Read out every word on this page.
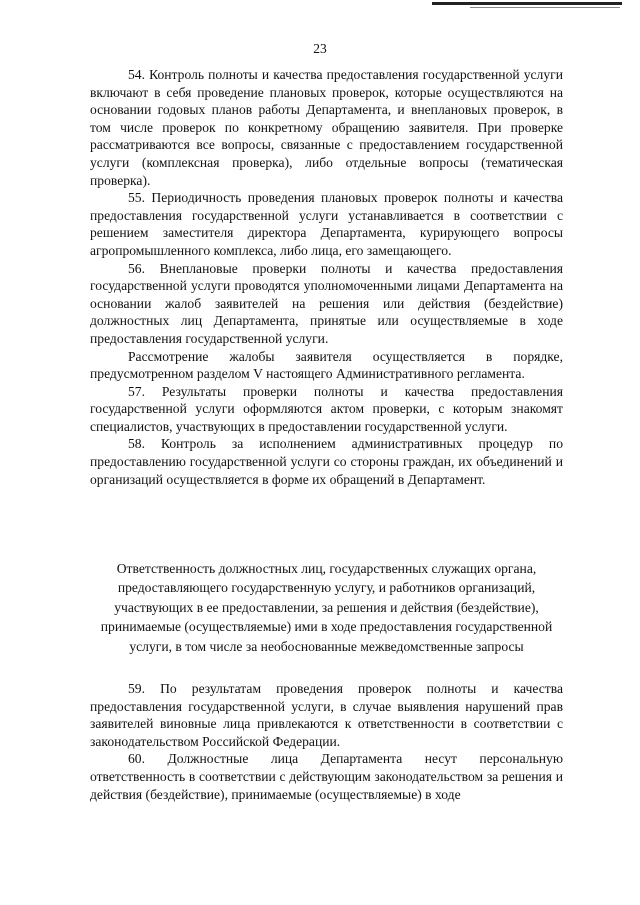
23

54. Контроль полноты и качества предоставления государственной услуги включают в себя проведение плановых проверок, которые осуществляются на основании годовых планов работы Департамента, и внеплановых проверок, в том числе проверок по конкретному обращению заявителя. При проверке рассматриваются все вопросы, связанные с предоставлением государственной услуги (комплексная проверка), либо отдельные вопросы (тематическая проверка).

55. Периодичность проведения плановых проверок полноты и качества предоставления государственной услуги устанавливается в соответствии с решением заместителя директора Департамента, курирующего вопросы агропромышленного комплекса, либо лица, его замещающего.

56. Внеплановые проверки полноты и качества предоставления государственной услуги проводятся уполномоченными лицами Департамента на основании жалоб заявителей на решения или действия (бездействие) должностных лиц Департамента, принятые или осуществляемые в ходе предоставления государственной услуги.

Рассмотрение жалобы заявителя осуществляется в порядке, предусмотренном разделом V настоящего Административного регламента.

57. Результаты проверки полноты и качества предоставления государственной услуги оформляются актом проверки, с которым знакомят специалистов, участвующих в предоставлении государственной услуги.

58. Контроль за исполнением административных процедур по предоставлению государственной услуги со стороны граждан, их объединений и организаций осуществляется в форме их обращений в Департамент.

Ответственность должностных лиц, государственных служащих органа, предоставляющего государственную услугу, и работников организаций, участвующих в ее предоставлении, за решения и действия (бездействие), принимаемые (осуществляемые) ими в ходе предоставления государственной услуги, в том числе за необоснованные межведомственные запросы

59. По результатам проведения проверок полноты и качества предоставления государственной услуги, в случае выявления нарушений прав заявителей виновные лица привлекаются к ответственности в соответствии с законодательством Российской Федерации.

60. Должностные лица Департамента несут персональную ответственность в соответствии с действующим законодательством за решения и действия (бездействие), принимаемые (осуществляемые) в ходе
